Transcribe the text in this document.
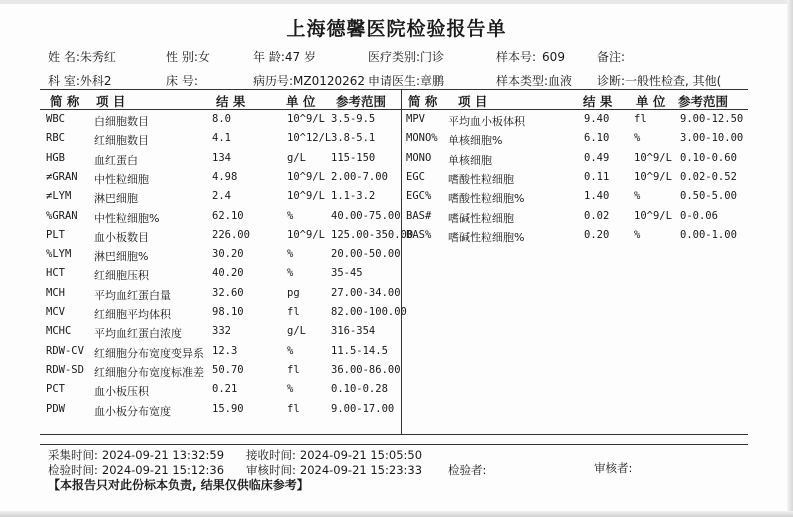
上海德馨医院检验报告单
姓 名:朱秀红	性 别:女	年 龄:47 岁	医疗类别:门诊	样本号: 609	备注:
科 室:外科2	床 号:	病历号:MZ0120262 申请医生:章鹏	样本类型:血液 诊断:一般性检查, 其他(
简 称 项 目	结 果	单 位 参考范围 简 称 项 目	结 果 单 位 参考范围
WBC	白细胞数目	8.0	10^9/L 3.5-9.5
RBC	红细胞数目	4.1	10^12/L 3.8-5.1
HGB	血红蛋白	134	g/L 115-150
≠GRAN 中性粒细胞	4.98	10^9/L 2.00-7.00
≠LYM 淋巴细胞	2.4	10^9/L 1.1-3.2
%GRAN 中性粒细胞%	62.10	%	40.00-75.00
PLT	血小板数目	226.00	10^9/L 125.00-350.00
%LYM 淋巴细胞%	30.20	%	20.00-50.00
HCT	红细胞压积	40.20	%	35-45
MCH	平均血红蛋白量	32.60	pg	27.00-34.00
MCV	红细胞平均体积	98.10	fl	82.00-100.00
MCHC 平均血红蛋白浓度	332	g/L 316-354
RDW-CV 红细胞分布宽度变异系 12.3	%	11.5-14.5
RDW-SD 红细胞分布宽度标准差 50.70	fl	36.00-86.00
PCT	血小板压积	0.21	%	0.10-0.28
PDW	血小板分布宽度	15.90	fl	9.00-17.00
MPV 平均血小板体积	9.40 fl	9.00-12.50
MONO% 单核细胞%	6.10 %	3.00-10.00
MONO 单核细胞	0.49 10^9/L 0.10-0.60
EGC 嗜酸性粒细胞	0.11 10^9/L 0.02-0.52
EGC% 嗜酸性粒细胞%	1.40 %	0.50-5.00
BAS# 嗜碱性粒细胞	0.02 10^9/L 0-0.06
BAS% 嗜碱性粒细胞%	0.20 %	0.00-1.00
采集时间: 2024-09-21 13:32:59 接收时间: 2024-09-21 15:05:50
检验时间: 2024-09-21 15:12:36 审核时间: 2024-09-21 15:23:33 检验者:	审核者:
【本报告只对此份标本负责, 结果仅供临床参考】
